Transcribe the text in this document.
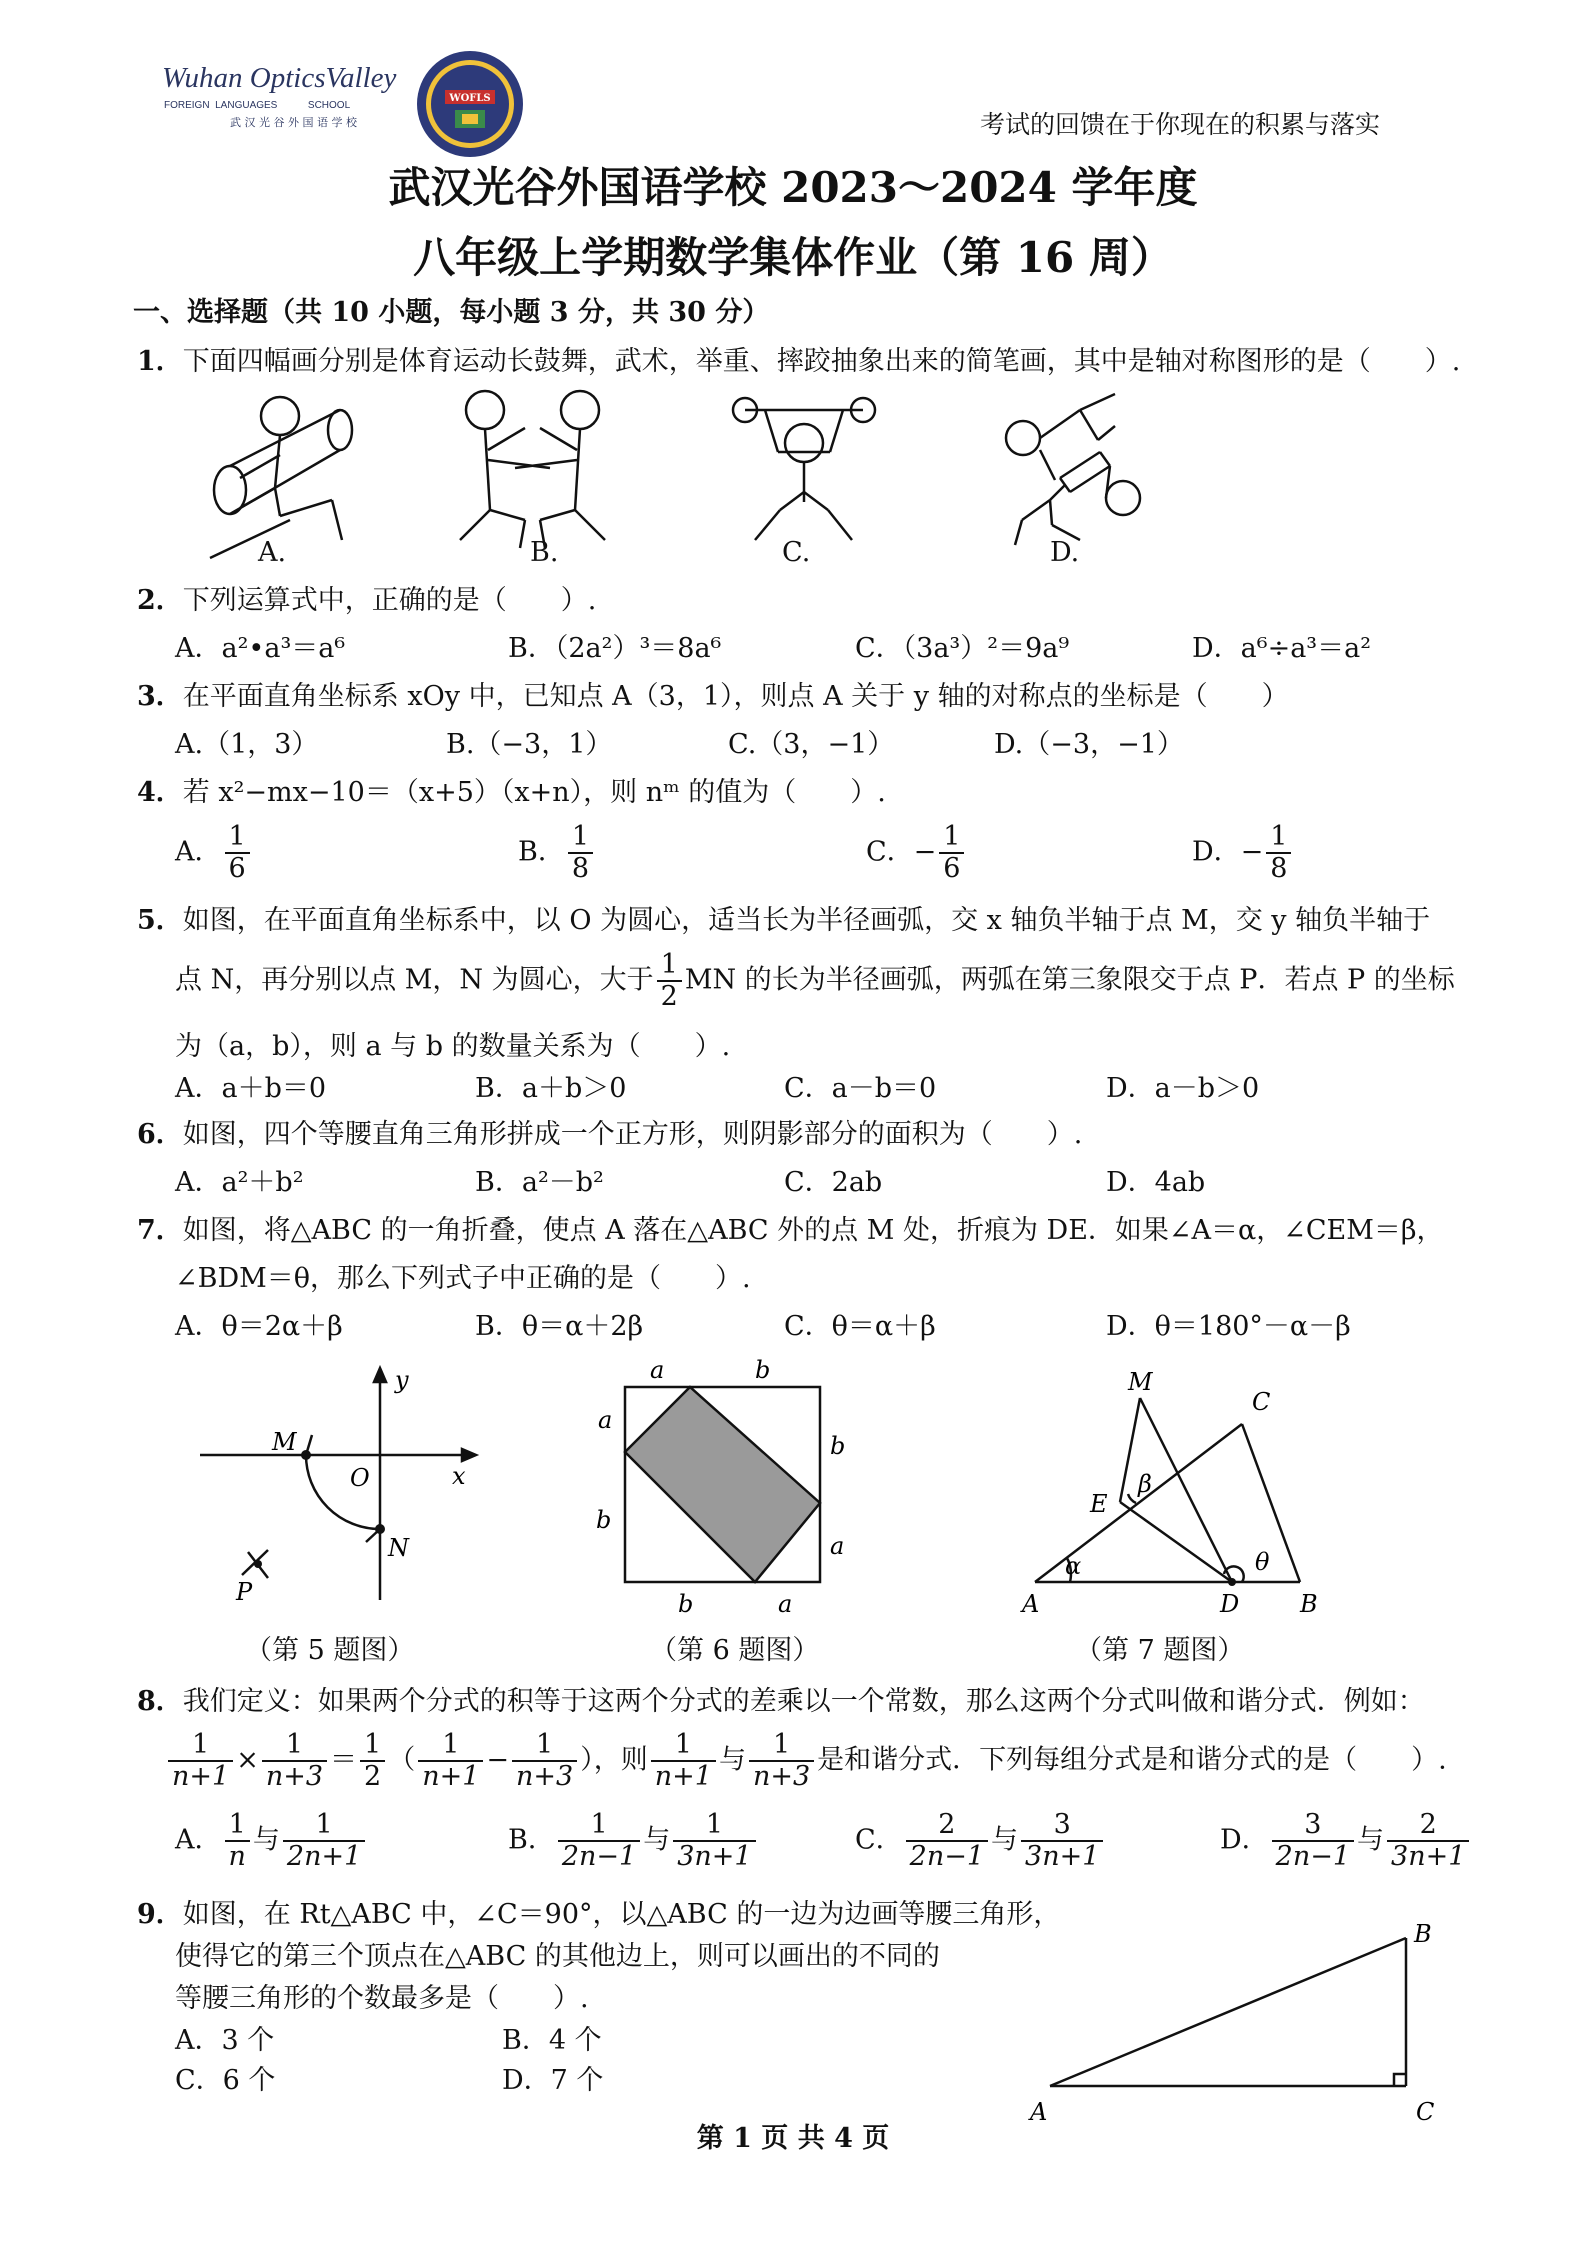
Wuhan OpticsValley
FOREIGN  LANGUAGES           SCHOOL
武 汉 光 谷 外 国 语 学 校
WOFLS
考试的回馈在于你现在的积累与落实
武汉光谷外国语学校 2023～2024 学年度
八年级上学期数学集体作业（第 16 周）
一、选择题（共 10 小题，每小题 3 分，共 30 分）
1．下面四幅画分别是体育运动长鼓舞，武术，举重、摔跤抽象出来的简笔画，其中是轴对称图形的是（　　）.
A.	B.	C.	D.
2．下列运算式中，正确的是（　　）.
A．a²•a³＝a⁶	B．（2a²）³＝8a⁶	C．（3a³）²＝9a⁹	D．a⁶÷a³＝a²
3．在平面直角坐标系 xOy 中，已知点 A（3，1），则点 A 关于 y 轴的对称点的坐标是（　　）
A.（1，3）	B.（−3，1）	C.（3，−1）	D.（−3，−1）
4．若 x²−mx−10＝（x+5）（x+n），则 nᵐ 的值为（　　）.
A． $\frac{1}{6}$	B． $\frac{1}{8}$	C．− $\frac{1}{6}$	D．− $\frac{1}{8}$
5．如图，在平面直角坐标系中，以 O 为圆心，适当长为半径画弧，交 x 轴负半轴于点 M，交 y 轴负半轴于
点 N，再分别以点 M，N 为圆心，大于 $\frac{1}{2}$ MN 的长为半径画弧，两弧在第三象限交于点 P．若点 P 的坐标
为（a，b），则 a 与 b 的数量关系为（　　）.
A．a＋b＝0	B．a＋b＞0	C．a－b＝0	D．a－b＞0
6．如图，四个等腰直角三角形拼成一个正方形，则阴影部分的面积为（　　）.
A．a²＋b²	B．a²－b²	C．2ab	D．4ab
7．如图，将△ABC 的一角折叠，使点 A 落在△ABC 外的点 M 处，折痕为 DE．如果∠A＝α，∠CEM＝β，
∠BDM＝θ，那么下列式子中正确的是（　　）.
A．θ＝2α＋β	B．θ＝α＋2β	C．θ＝α＋β	D．θ＝180°－α－β
y
x
M
O
N
P
（第 5 题图）
a	b
a
b
b
a
b	a
（第 6 题图）
M
C
β
E
α	θ
A	D	B
（第 7 题图）
8．我们定义：如果两个分式的积等于这两个分式的差乘以一个常数，那么这两个分式叫做和谐分式．例如：
$\frac{1}{n+1} \times \frac{1}{n+3} = \frac{1}{2}$ （ $\frac{1}{n+1} - \frac{1}{n+3}$ ），则 $\frac{1}{n+1}$ 与 $\frac{1}{n+3}$ 是和谐分式．下列每组分式是和谐分式的是（　　）.
A． $\frac{1}{n}$ 与 $\frac{1}{2n+1}$	B． $\frac{1}{2n-1}$ 与 $\frac{1}{3n+1}$	C． $\frac{2}{2n-1}$ 与 $\frac{3}{3n+1}$	D． $\frac{3}{2n-1}$ 与 $\frac{2}{3n+1}$
9．如图，在 Rt△ABC 中，∠C＝90°，以△ABC 的一边为边画等腰三角形，
使得它的第三个顶点在△ABC 的其他边上，则可以画出的不同的
等腰三角形的个数最多是（　　）.
A．3 个	B．4 个
C．6 个	D．7 个
B
A	C
第 1 页 共 4 页
